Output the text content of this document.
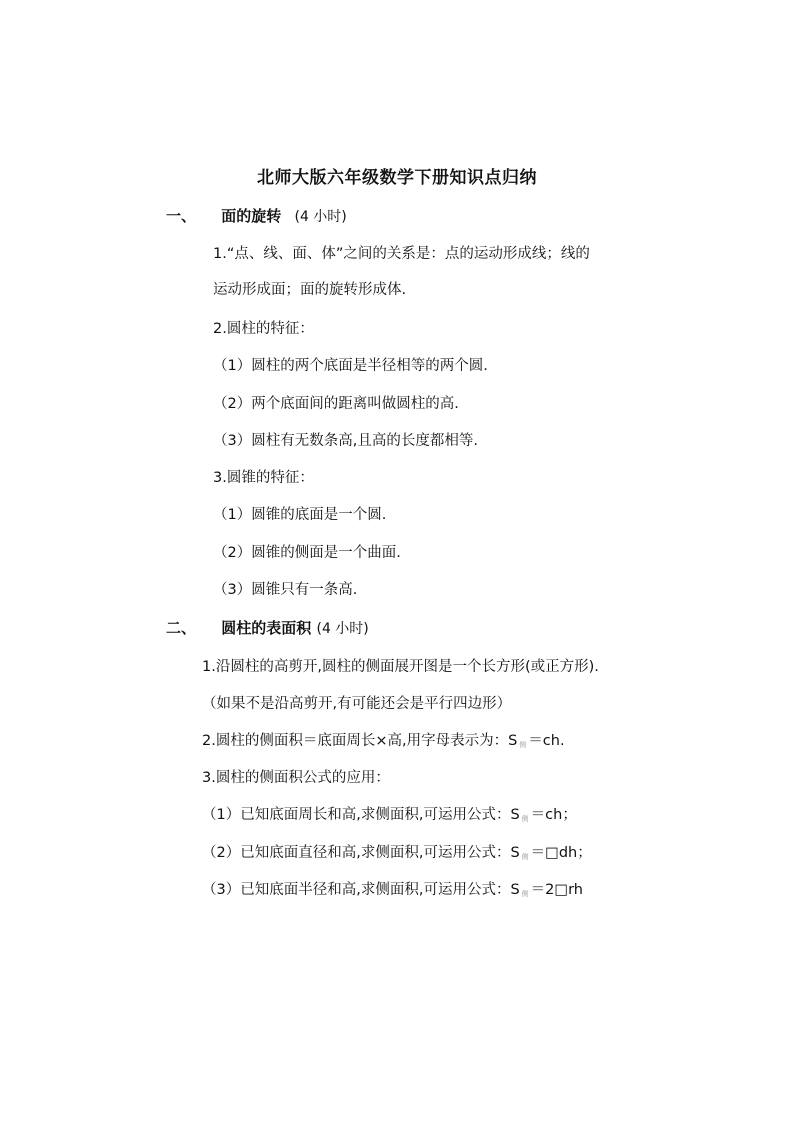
北师大版六年级数学下册知识点归纳
一、 面的旋转 (4 小时)
1.“点、线、面、体”之间的关系是：点的运动形成线；线的
运动形成面；面的旋转形成体.
2.圆柱的特征：
（1）圆柱的两个底面是半径相等的两个圆.
（2）两个底面间的距离叫做圆柱的高.
（3）圆柱有无数条高,且高的长度都相等.
3.圆锥的特征：
（1）圆锥的底面是一个圆.
（2）圆锥的侧面是一个曲面.
（3）圆锥只有一条高.
二、 圆柱的表面积 (4 小时)
1.沿圆柱的高剪开,圆柱的侧面展开图是一个长方形(或正方形).
（如果不是沿高剪开,有可能还会是平行四边形）
2.圆柱的侧面积＝底面周长×高,用字母表示为：S $_侧$ ＝ch.
3.圆柱的侧面积公式的应用：
（1）已知底面周长和高,求侧面积,可运用公式：S $_侧$ ＝ch；
（2）已知底面直径和高,求侧面积,可运用公式：S $_侧$ ＝□dh；
（3）已知底面半径和高,求侧面积,可运用公式：S $_侧$ ＝2□rh
